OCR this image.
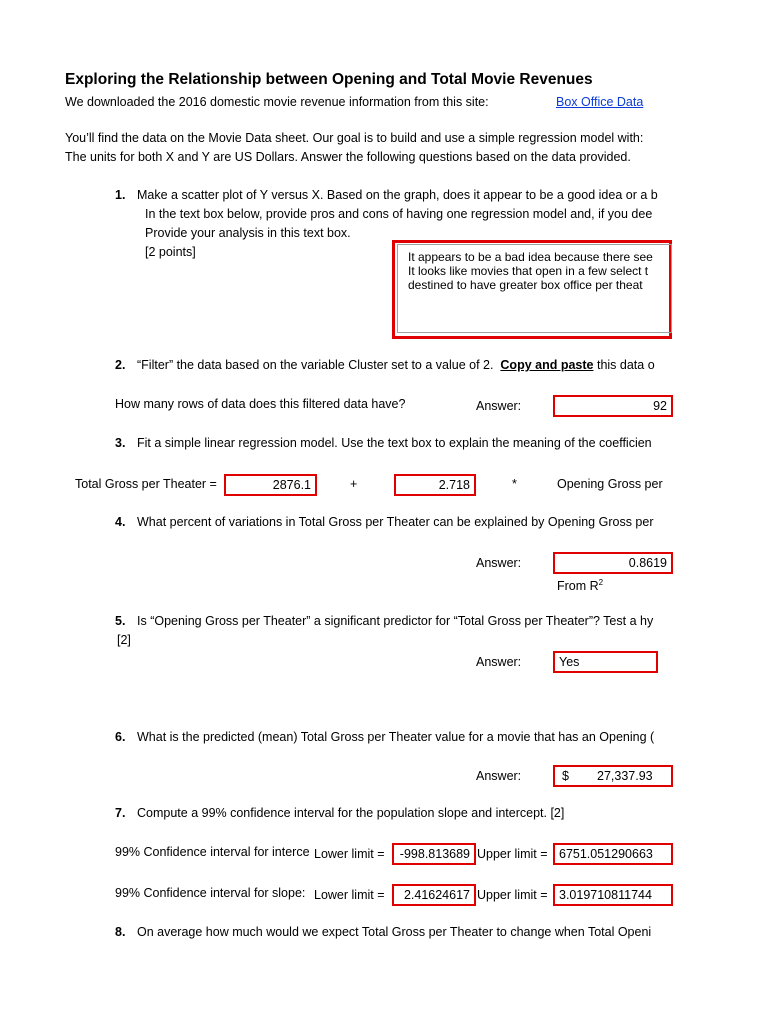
Exploring the Relationship between Opening and Total Movie Revenues
We downloaded the 2016 domestic movie revenue information from this site:	Box Office Data
You’ll find the data on the Movie Data sheet. Our goal is to build and use a simple regression model with:
The units for both X and Y are US Dollars. Answer the following questions based on the data provided.
1. Make a scatter plot of Y versus X. Based on the graph, does it appear to be a good idea or a b
In the text box below, provide pros and cons of having one regression model and, if you dee
Provide your analysis in this text box.
[2 points]	It appears to be a bad idea because there see
It looks like movies that open in a few select t
destined to have greater box office per theat
2. “Filter” the data based on the variable Cluster set to a value of 2. Copy and paste this data o
How many rows of data does this filtered data have?	Answer:	92
3. Fit a simple linear regression model. Use the text box to explain the meaning of the coefficien
Total Gross per Theater =	2876.1	+	2.718	*	Opening Gross per
4. What percent of variations in Total Gross per Theater can be explained by Opening Gross per
Answer:	0.8619
From $R^2$
5. Is “Opening Gross per Theater” a significant predictor for “Total Gross per Theater”? Test a hy
[2]
Answer:	Yes
6. What is the predicted (mean) Total Gross per Theater value for a movie that has an Opening (
Answer:	$ 27,337.93
7. Compute a 99% confidence interval for the population slope and intercept. [2]
99% Confidence interval for interce Lower limit =	-998.813689 Upper limit = 6751.051290663
99% Confidence interval for slope: Lower limit =	2.41624617 Upper limit = 3.019710811744
8. On average how much would we expect Total Gross per Theater to change when Total Openi
